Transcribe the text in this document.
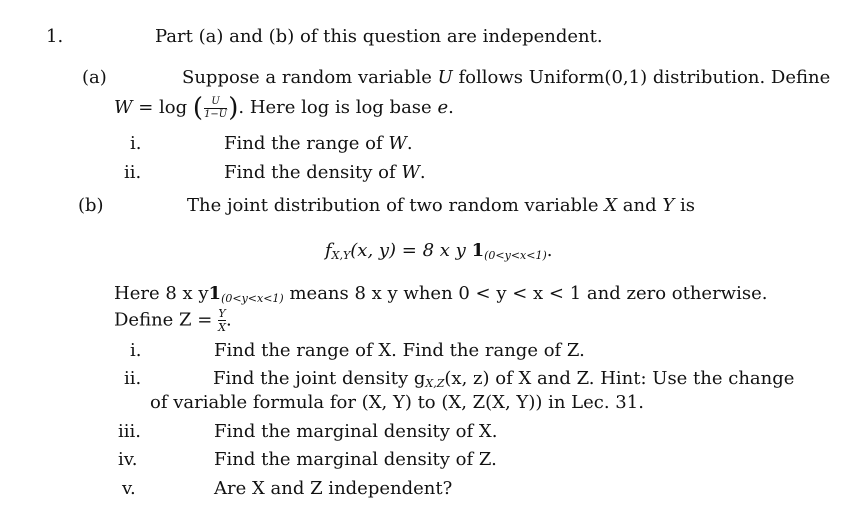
1.	Part (a) and (b) of this question are independent.
(a)	Suppose a random variable U follows Uniform(0,1) distribution. Define
W = log ( $\frac{U}{1-U}$ ). Here log is log base e.
i.	Find the range of W.
ii.	Find the density of W.
(b)	The joint distribution of two random variable X and Y is
$f_{X,Y}(x$, y) = 8 x y $1_{(0<y<x<1)}$.
Here 8 x $y1_{(0<y<x<1)}$ means 8 x y when 0 < y < x < 1 and zero otherwise.
Define $Z = \frac{Y}{X}$ .
i.	Find the range of X. Find the range of Z.
ii.	Find the joint density $g_{X,Z}(x$, z) of X and Z. Hint: Use the change
of variable formula for (X, Y) to (X, Z(X, Y)) in Lec. 31.
iii.	Find the marginal density of X.
iv.	Find the marginal density of Z.
v.	Are X and Z independent?
